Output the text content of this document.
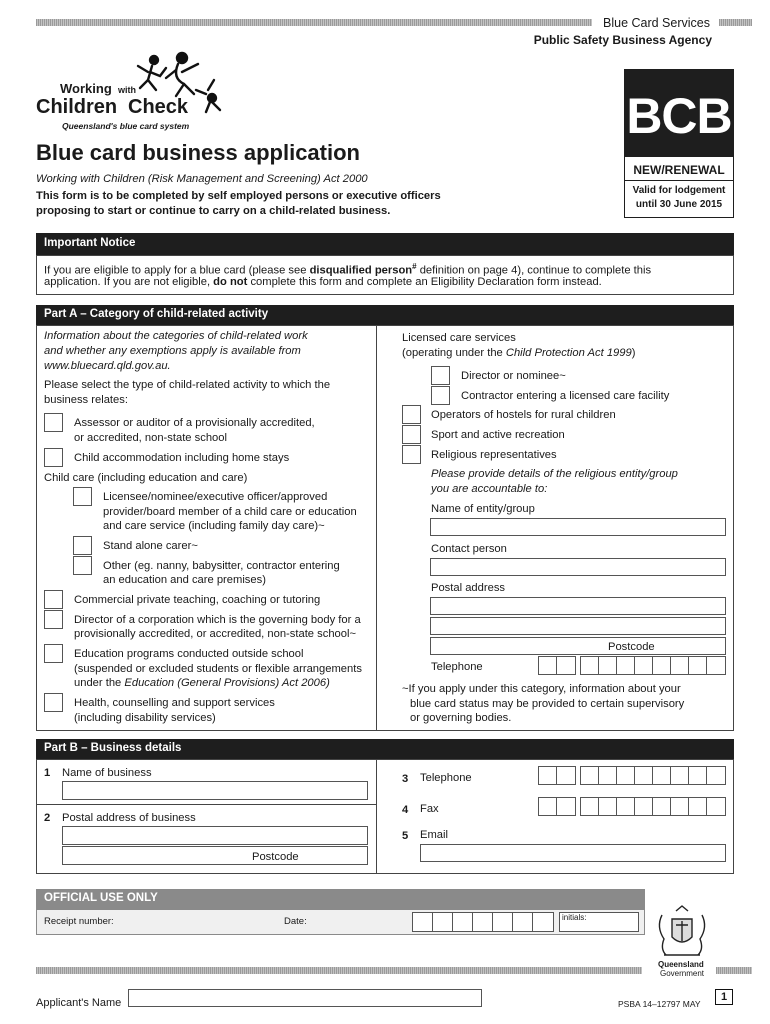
Blue Card Services
Public Safety Business Agency
Working with
Children Check
Queensland's blue card system	BCB
NEW/RENEWAL
Valid for lodgement
until 30 June 2015
Blue card business application
Working with Children (Risk Management and Screening) Act 2000
This form is to be completed by self employed persons or executive officers
proposing to start or continue to carry on a child-related business.
Important Notice
If you are eligible to apply for a blue card (please see disqualified person# definition on page 4), continue to complete this
application. If you are not eligible, do not complete this form and complete an Eligibility Declaration form instead.
Part A – Category of child-related activity
Information about the categories of child-related work
and whether any exemptions apply is available from
www.bluecard.qld.gov.au.
Please select the type of child-related activity to which the
business relates:
Assessor or auditor of a provisionally accredited,
or accredited, non-state school
Child accommodation including home stays
Child care (including education and care)
Licensee/nominee/executive officer/approved
provider/board member of a child care or education
and care service (including family day care)~
Stand alone carer~
Other (eg. nanny, babysitter, contractor entering
an education and care premises)
Commercial private teaching, coaching or tutoring
Director of a corporation which is the governing body for a
provisionally accredited, or accredited, non-state school~
Education programs conducted outside school
(suspended or excluded students or flexible arrangements
under the Education (General Provisions) Act 2006)
Health, counselling and support services
(including disability services)
Licensed care services
(operating under the Child Protection Act 1999)
Director or nominee~
Contractor entering a licensed care facility
Operators of hostels for rural children
Sport and active recreation
Religious representatives
Please provide details of the religious entity/group
you are accountable to:
Name of entity/group
Contact person
Postal address
Postcode
Telephone
~If you apply under this category, information about your
blue card status may be provided to certain supervisory
or governing bodies.
Part B – Business details
1 Name of business
2 Postal address of business
Postcode
3 Telephone
4 Fax
5 Email
OFFICIAL USE ONLY
Receipt number:	Date:	initials:
Queensland
Government
Applicant's Name	PSBA 14–12797 MAY
1
